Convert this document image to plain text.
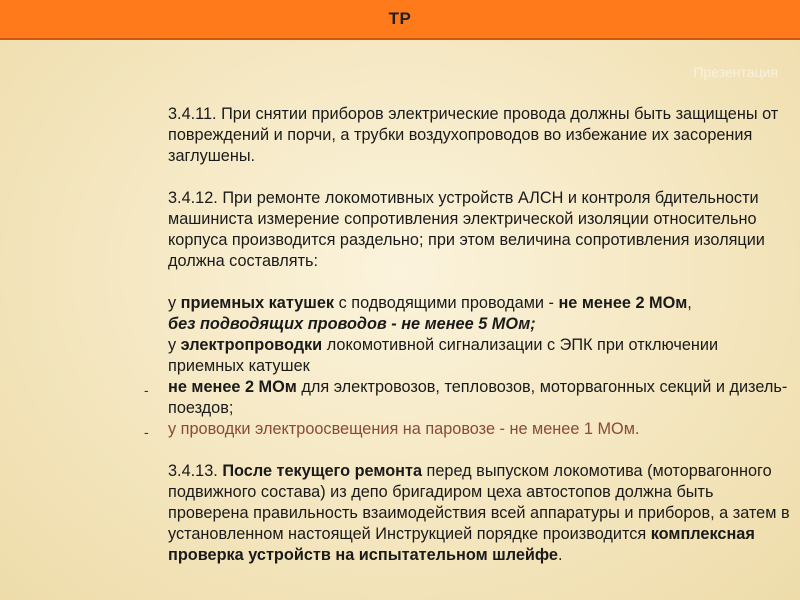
ТР
Презентация
-
-

3.4.11. При снятии приборов электрические провода должны быть защищены от повреждений и порчи, а трубки воздухопроводов во избежание их засорения заглушены.

3.4.12. При ремонте локомотивных устройств АЛСН и контроля бдительности машиниста измерение сопротивления электрической изоляции относительно корпуса производится раздельно; при этом величина сопротивления изоляции должна составлять:

у приемных катушек с подводящими проводами - не менее 2 МОм,

без подводящих проводов - не менее 5 МОм;

у электропроводки локомотивной сигнализации с ЭПК при отключении приемных катушек

не менее 2 МОм для электровозов, тепловозов, моторвагонных секций и дизель-поездов;

у проводки электроосвещения на паровозе - не менее 1 МОм.

3.4.13. После текущего ремонта перед выпуском локомотива (моторвагонного подвижного состава) из депо бригадиром цеха автостопов должна быть проверена правильность взаимодействия всей аппаратуры и приборов, а затем в установленном настоящей Инструкцией порядке производится комплексная проверка устройств на испытательном шлейфе.
